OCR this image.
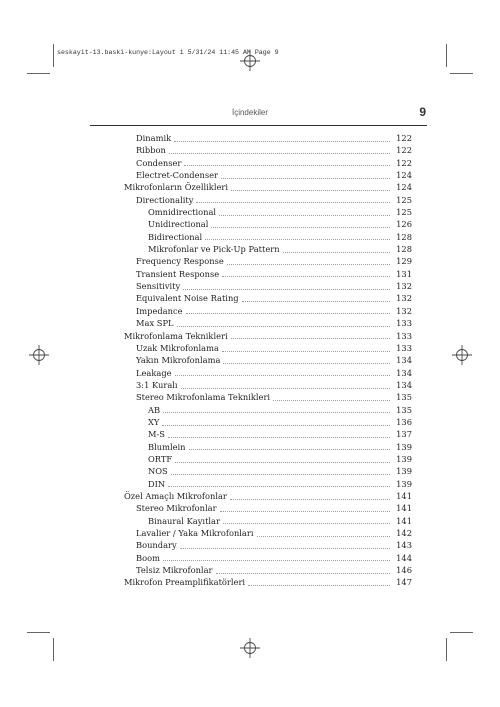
seskayit-13.baski-kunye:Layout 1 5/31/24 11:45 AM Page 9
İçindekiler	9
Dinamik	122
Ribbon	122
Condenser	122
Electret-Condenser	124
Mikrofonların Özellikleri	124
Directionality	125
Omnidirectional	125
Unidirectional	126
Bidirectional	128
Mikrofonlar ve Pick-Up Pattern	128
Frequency Response	129
Transient Response	131
Sensitivity	132
Equivalent Noise Rating	132
Impedance	132
Max SPL	133
Mikrofonlama Teknikleri	133
Uzak Mikrofonlama	133
Yakın Mikrofonlama	134
Leakage	134
3:1 Kuralı	134
Stereo Mikrofonlama Teknikleri	135
AB	135
XY	136
M-S	137
Blumlein	139
ORTF	139
NOS	139
DIN	139
Özel Amaçlı Mikrofonlar	141
Stereo Mikrofonlar	141
Binaural Kayıtlar	141
Lavalier / Yaka Mikrofonları	142
Boundary	143
Boom	144
Telsiz Mikrofonlar	146
Mikrofon Preamplifikatörleri	147
